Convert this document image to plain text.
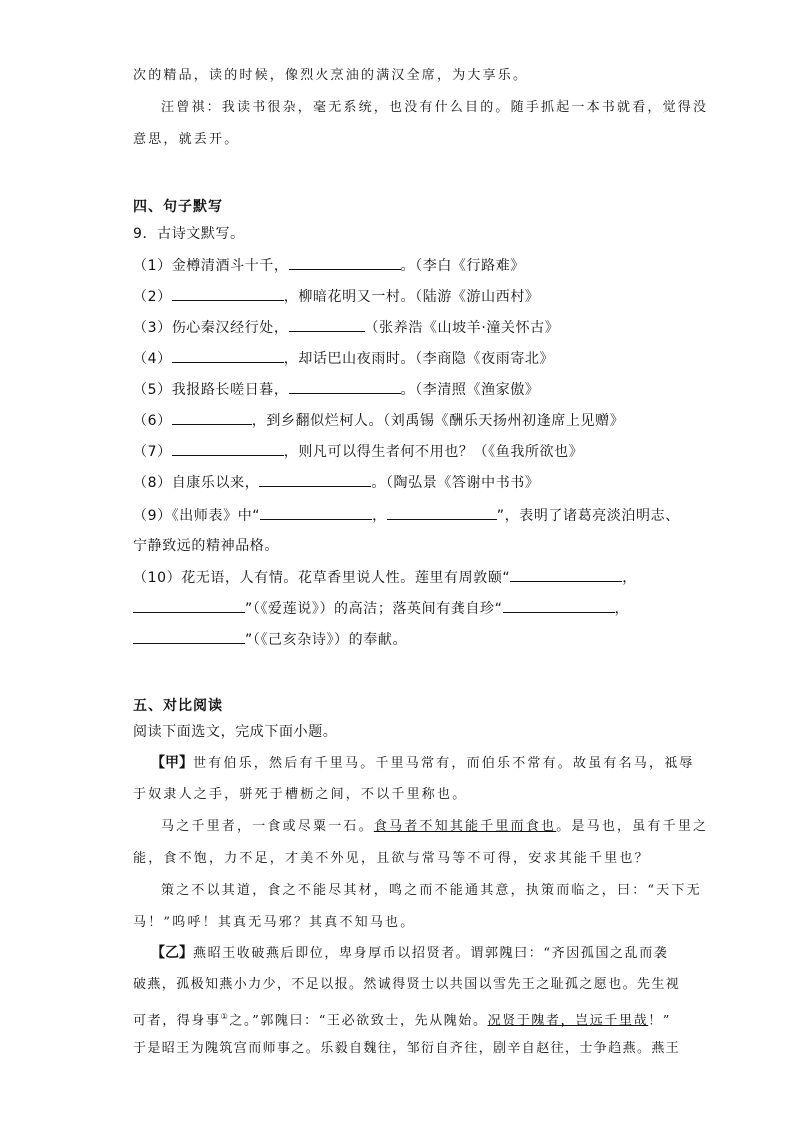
次的精品，读的时候，像烈火烹油的满汉全席，为大享乐。
汪曾祺：我读书很杂，毫无系统，也没有什么目的。随手抓起一本书就看，觉得没
意思，就丢开。
四、句子默写
9．古诗文默写。
（1）金樽清酒斗十千，	。（李白《行路难》
（2）	，柳暗花明又一村。（陆游《游山西村》
（3）伤心秦汉经行处，	（张养浩《山坡羊·潼关怀古》
（4）	，却话巴山夜雨时。（李商隐《夜雨寄北》
（5）我报路长嗟日暮，	。（李清照《渔家傲》
（6）	，到乡翻似烂柯人。（刘禹锡《酬乐天扬州初逢席上见赠》
（7）	，则凡可以得生者何不用也？（《鱼我所欲也》
（8）自康乐以来，	。（陶弘景《答谢中书书》
（9）《出师表》中“	，	”，表明了诸葛亮淡泊明志、
宁静致远的精神品格。
（10）花无语，人有情。花草香里说人性。莲里有周敦颐“	，
”（《爱莲说》）的高洁；落英间有龚自珍“	，
”（《己亥杂诗》）的奉献。
五、对比阅读
阅读下面选文，完成下面小题。
【甲】世有伯乐，然后有千里马。千里马常有，而伯乐不常有。故虽有名马，祗辱
于奴隶人之手，骈死于槽枥之间，不以千里称也。
马之千里者，一食或尽粟一石。食马者不知其能千里而食也。是马也，虽有千里之
能，食不饱，力不足，才美不外见，且欲与常马等不可得，安求其能千里也？
策之不以其道，食之不能尽其材，鸣之而不能通其意，执策而临之，曰：“天下无
马！”呜呼！其真无马邪？其真不知马也。
【乙】燕昭王收破燕后即位，卑身厚币以招贤者。谓郭隗曰：“齐因孤国之乱而袭
破燕，孤极知燕小力少，不足以报。然诚得贤士以共国以雪先王之耻孤之愿也。先生视
可者，得身事①之。”郭隗曰：“王必欲致士，先从隗始。况贤于隗者，岂远千里哉！”
于是昭王为隗筑宫而师事之。乐毅自魏往，邹衍自齐往，剧辛自赵往，士争趋燕。燕王
